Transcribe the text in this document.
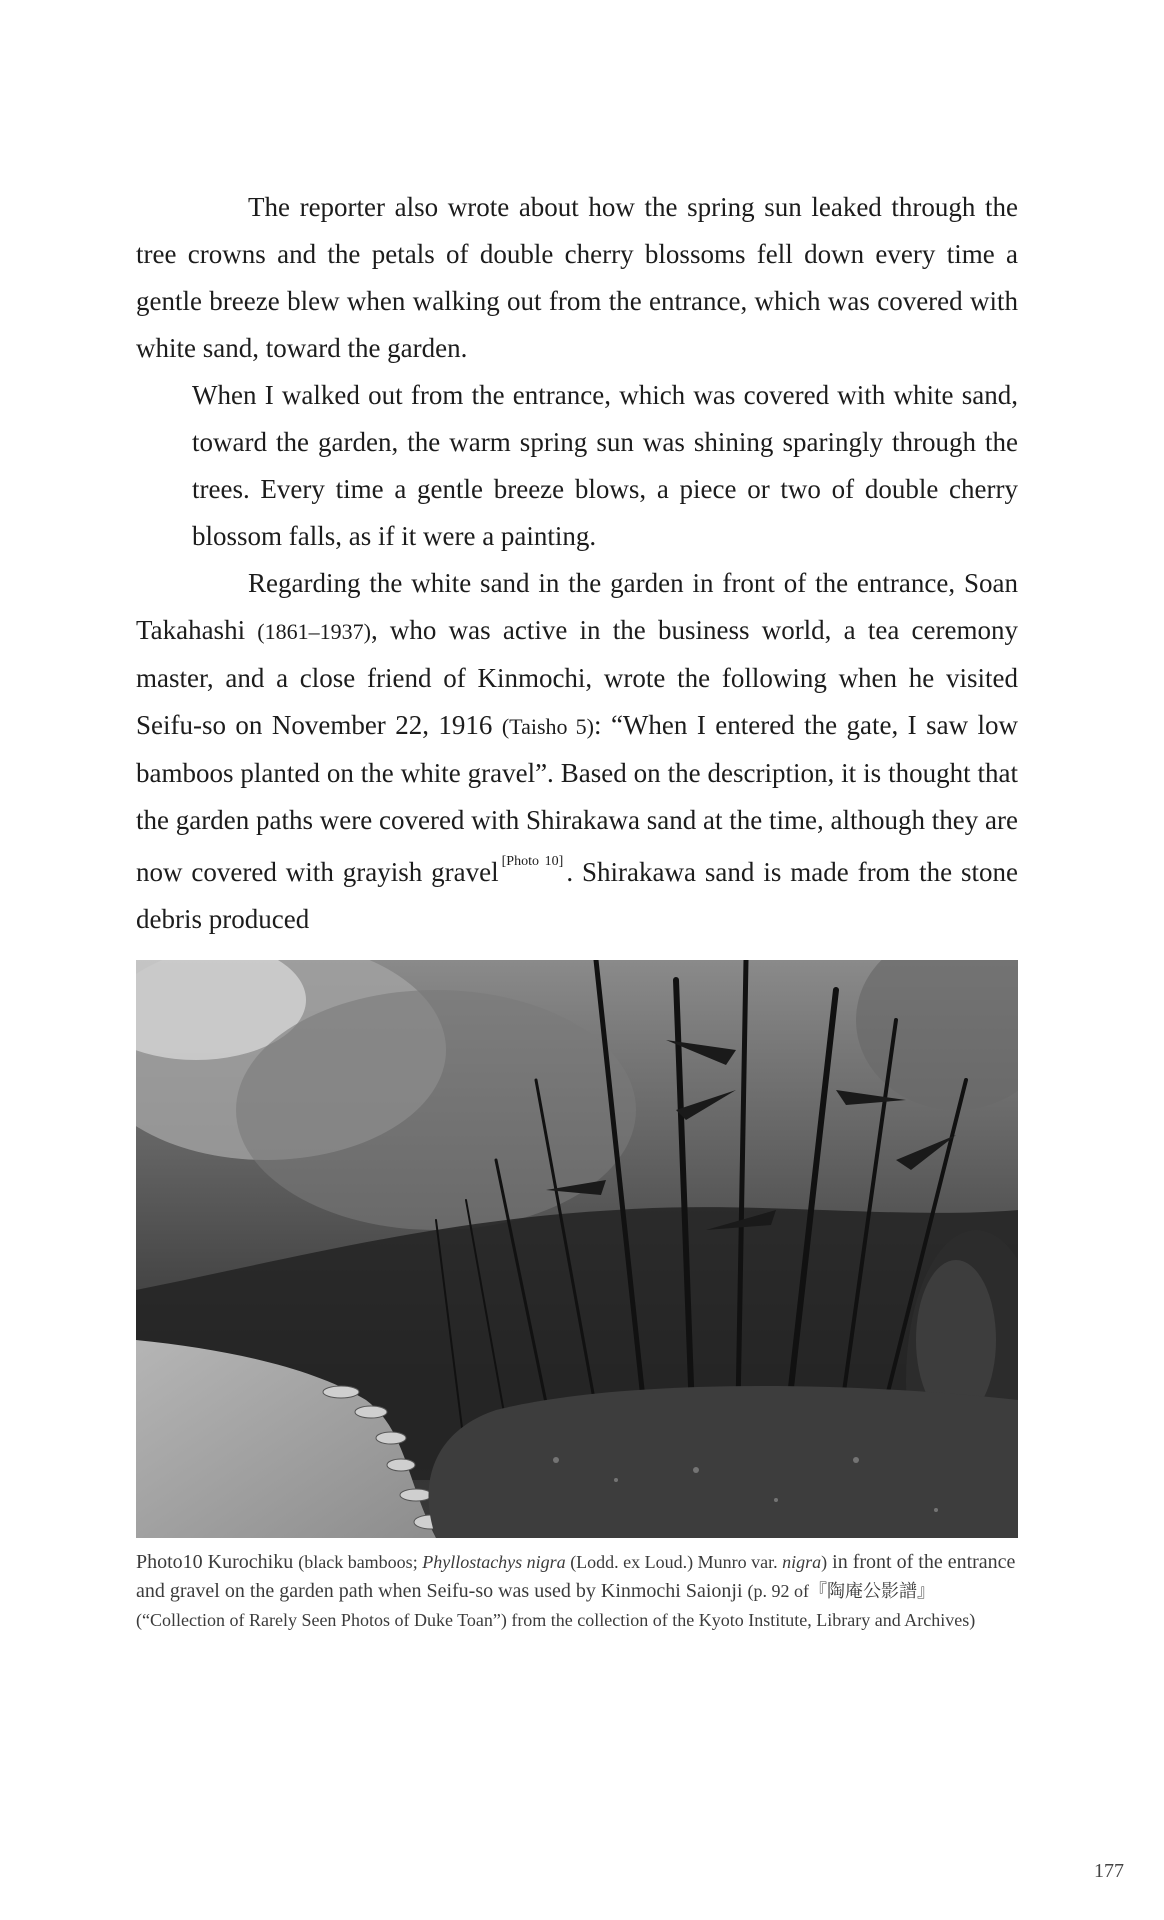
The reporter also wrote about how the spring sun leaked through the tree crowns and the petals of double cherry blossoms fell down every time a gentle breeze blew when walking out from the entrance, which was covered with white sand, toward the garden.

When I walked out from the entrance, which was covered with white sand, toward the garden, the warm spring sun was shining sparingly through the trees. Every time a gentle breeze blows, a piece or two of double cherry blossom falls, as if it were a painting.

Regarding the white sand in the garden in front of the entrance, Soan Takahashi (1861–1937), who was active in the business world, a tea ceremony master, and a close friend of Kinmochi, wrote the following when he visited Seifu-so on November 22, 1916 (Taisho 5): “When I entered the gate, I saw low bamboos planted on the white gravel”. Based on the description, it is thought that the garden paths were covered with Shirakawa sand at the time, although they are now covered with grayish gravel [Photo 10] . Shirakawa sand is made from the stone debris produced

Photo10 Kurochiku (black bamboos; Phyllostachys nigra (Lodd. ex Loud.) Munro var. nigra) in front of the entrance and gravel on the garden path when Seifu-so was used by Kinmochi Saionji (p. 92 of『陶庵公影譜』(“Collection of Rarely Seen Photos of Duke Toan”) from the collection of the Kyoto Institute, Library and Archives)

177
